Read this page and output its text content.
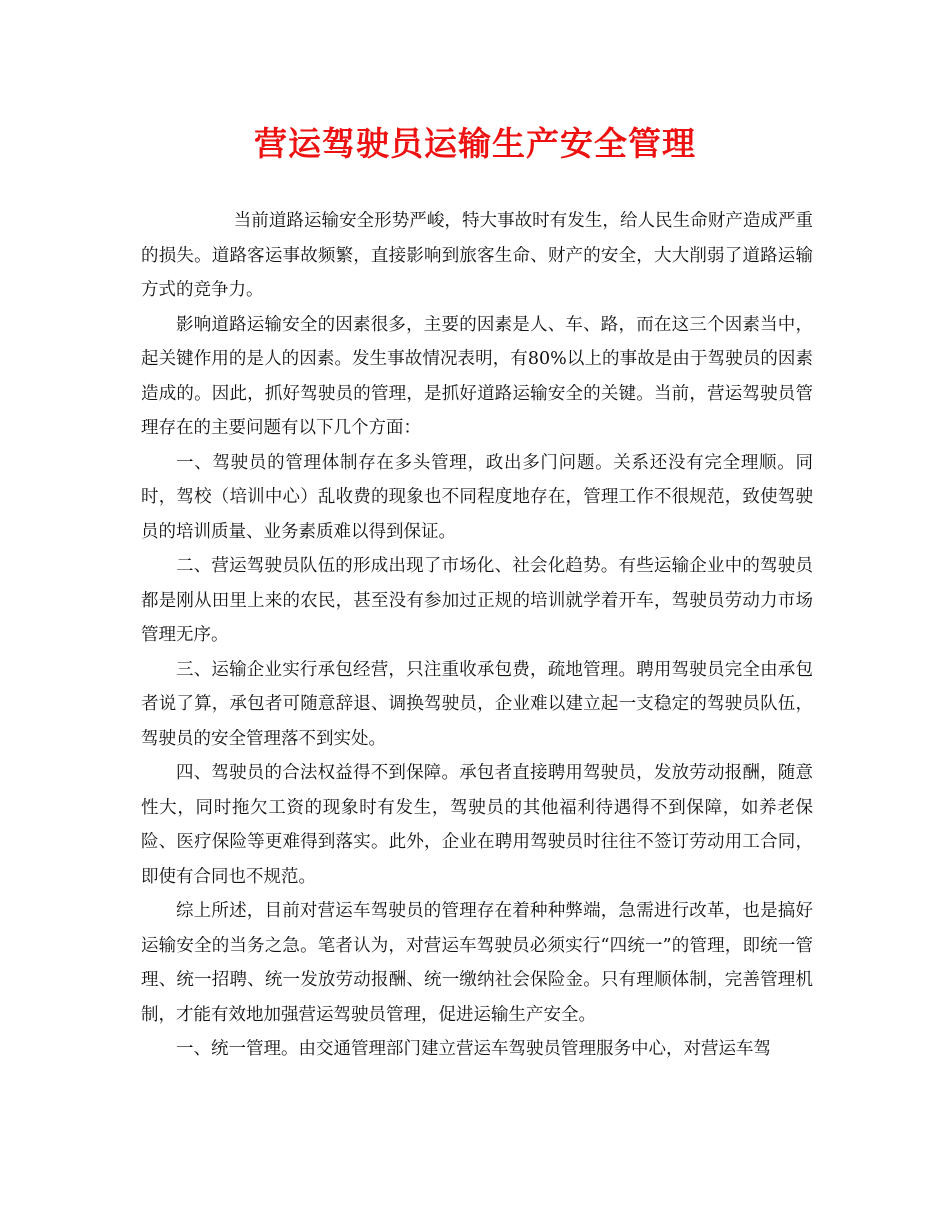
营运驾驶员运输生产安全管理

当前道路运输安全形势严峻，特大事故时有发生，给人民生命财产造成严重的损失。道路客运事故频繁，直接影响到旅客生命、财产的安全，大大削弱了道路运输方式的竞争力。

影响道路运输安全的因素很多，主要的因素是人、车、路，而在这三个因素当中，起关键作用的是人的因素。发生事故情况表明，有80%以上的事故是由于驾驶员的因素造成的。因此，抓好驾驶员的管理，是抓好道路运输安全的关键。当前，营运驾驶员管理存在的主要问题有以下几个方面：

一、驾驶员的管理体制存在多头管理，政出多门问题。关系还没有完全理顺。同时，驾校（培训中心）乱收费的现象也不同程度地存在，管理工作不很规范，致使驾驶员的培训质量、业务素质难以得到保证。

二、营运驾驶员队伍的形成出现了市场化、社会化趋势。有些运输企业中的驾驶员都是刚从田里上来的农民，甚至没有参加过正规的培训就学着开车，驾驶员劳动力市场管理无序。

三、运输企业实行承包经营，只注重收承包费，疏地管理。聘用驾驶员完全由承包者说了算，承包者可随意辞退、调换驾驶员，企业难以建立起一支稳定的驾驶员队伍，驾驶员的安全管理落不到实处。

四、驾驶员的合法权益得不到保障。承包者直接聘用驾驶员，发放劳动报酬，随意性大，同时拖欠工资的现象时有发生，驾驶员的其他福利待遇得不到保障，如养老保险、医疗保险等更难得到落实。此外，企业在聘用驾驶员时往往不签订劳动用工合同，即使有合同也不规范。

综上所述，目前对营运车驾驶员的管理存在着种种弊端，急需进行改革，也是搞好运输安全的当务之急。笔者认为，对营运车驾驶员必须实行“四统一”的管理，即统一管理、统一招聘、统一发放劳动报酬、统一缴纳社会保险金。只有理顺体制，完善管理机制，才能有效地加强营运驾驶员管理，促进运输生产安全。

一、统一管理。由交通管理部门建立营运车驾驶员管理服务中心，对营运车驾
